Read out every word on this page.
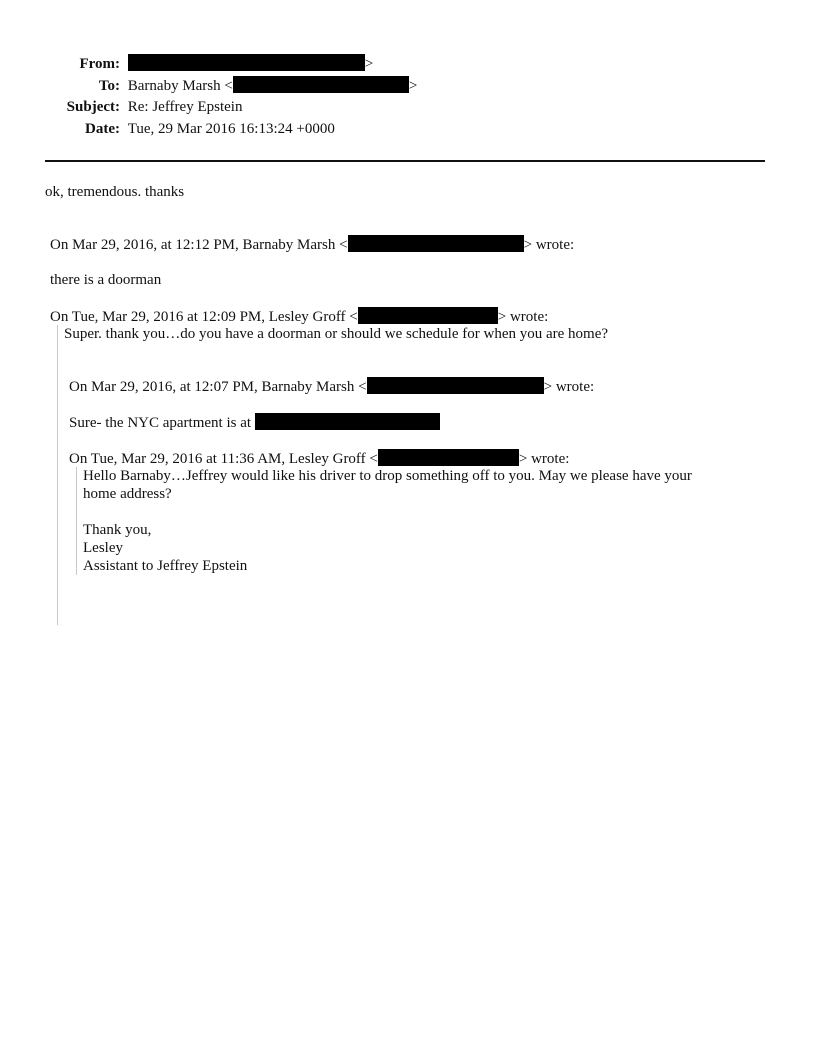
From:	>
To: Barnaby Marsh <	>
Subject: Re: Jeffrey Epstein
Date: Tue, 29 Mar 2016 16:13:24 +0000
ok, tremendous. thanks
On Mar 29, 2016, at 12:12 PM, Barnaby Marsh <	> wrote:
there is a doorman
On Tue, Mar 29, 2016 at 12:09 PM, Lesley Groff <	> wrote:
Super. thank you…do you have a doorman or should we schedule for when you are home?
On Mar 29, 2016, at 12:07 PM, Barnaby Marsh <	> wrote:
Sure- the NYC apartment is at
On Tue, Mar 29, 2016 at 11:36 AM, Lesley Groff <	> wrote:
Hello Barnaby…Jeffrey would like his driver to drop something off to you. May we please have your
home address?
Thank you,
Lesley
Assistant to Jeffrey Epstein
